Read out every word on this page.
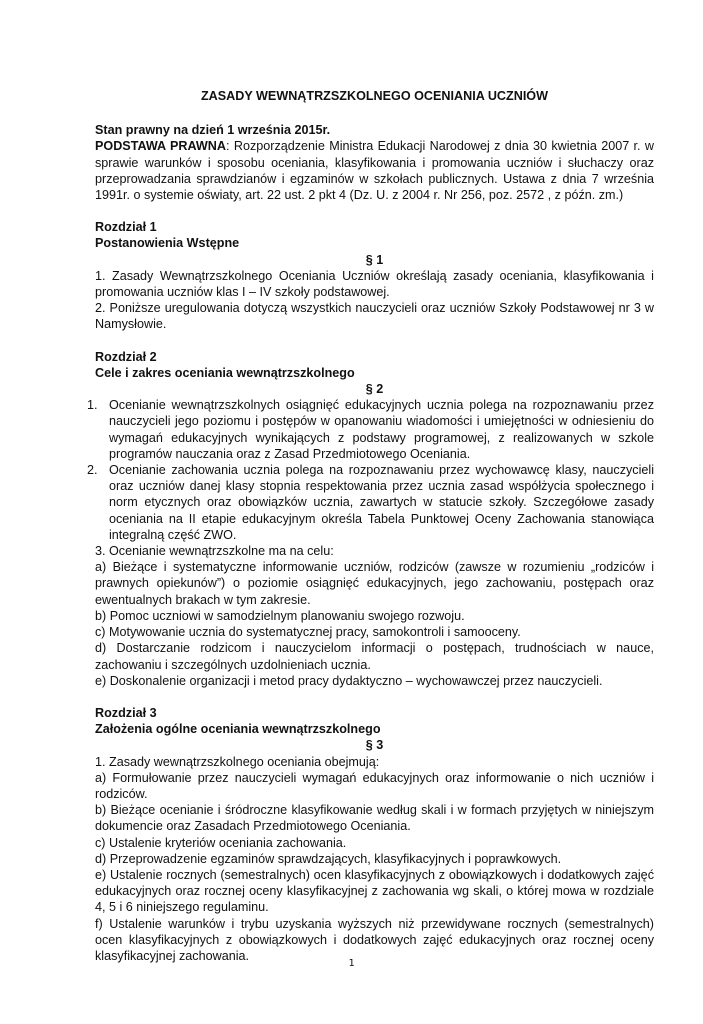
ZASADY WEWNĄTRZSZKOLNEGO OCENIANIA UCZNIÓW

Stan prawny na dzień 1 września 2015r.

PODSTAWA PRAWNA: Rozporządzenie Ministra Edukacji Narodowej z dnia 30 kwietnia 2007 r. w sprawie warunków i sposobu oceniania, klasyfikowania i promowania uczniów i słuchaczy oraz przeprowadzania sprawdzianów i egzaminów w szkołach publicznych. Ustawa z dnia 7 września 1991r. o systemie oświaty, art. 22 ust. 2 pkt 4 (Dz. U. z 2004 r. Nr 256, poz. 2572 , z późn. zm.)

Rozdział 1

Postanowienia Wstępne

§ 1

1. Zasady Wewnątrzszkolnego Oceniania Uczniów określają zasady oceniania, klasyfikowania i promowania uczniów klas I – IV szkoły podstawowej.

2. Poniższe uregulowania dotyczą wszystkich nauczycieli oraz uczniów Szkoły Podstawowej nr 3 w Namysłowie.

Rozdział 2

Cele i zakres oceniania wewnątrzszkolnego

§ 2

1. Ocenianie wewnątrzszkolnych osiągnięć edukacyjnych ucznia polega na rozpoznawaniu przez nauczycieli jego poziomu i postępów w opanowaniu wiadomości i umiejętności w odniesieniu do wymagań edukacyjnych wynikających z podstawy programowej, z realizowanych w szkole programów nauczania oraz z Zasad Przedmiotowego Oceniania.
2. Ocenianie zachowania ucznia polega na rozpoznawaniu przez wychowawcę klasy, nauczycieli oraz uczniów danej klasy stopnia respektowania przez ucznia zasad współżycia społecznego i norm etycznych oraz obowiązków ucznia, zawartych w statucie szkoły. Szczegółowe zasady oceniania na II etapie edukacyjnym określa Tabela Punktowej Oceny Zachowania stanowiąca integralną część ZWO.

3. Ocenianie wewnątrzszkolne ma na celu:

a) Bieżące i systematyczne informowanie uczniów, rodziców (zawsze w rozumieniu „rodziców i prawnych opiekunów”) o poziomie osiągnięć edukacyjnych, jego zachowaniu, postępach oraz ewentualnych brakach w tym zakresie.

b) Pomoc uczniowi w samodzielnym planowaniu swojego rozwoju.

c) Motywowanie ucznia do systematycznej pracy, samokontroli i samooceny.

d) Dostarczanie rodzicom i nauczycielom informacji o postępach, trudnościach w nauce, zachowaniu i szczególnych uzdolnieniach ucznia.

e) Doskonalenie organizacji i metod pracy dydaktyczno – wychowawczej przez nauczycieli.

Rozdział 3

Założenia ogólne oceniania wewnątrzszkolnego

§ 3

1. Zasady wewnątrzszkolnego oceniania obejmują:

a) Formułowanie przez nauczycieli wymagań edukacyjnych oraz informowanie o nich uczniów i rodziców.

b) Bieżące ocenianie i śródroczne klasyfikowanie według skali i w formach przyjętych w niniejszym dokumencie oraz Zasadach Przedmiotowego Oceniania.

c) Ustalenie kryteriów oceniania zachowania.

d) Przeprowadzenie egzaminów sprawdzających, klasyfikacyjnych i poprawkowych.

e) Ustalenie rocznych (semestralnych) ocen klasyfikacyjnych z obowiązkowych i dodatkowych zajęć edukacyjnych oraz rocznej oceny klasyfikacyjnej z zachowania wg skali, o której mowa w rozdziale 4, 5 i 6 niniejszego regulaminu.

f) Ustalenie warunków i trybu uzyskania wyższych niż przewidywane rocznych (semestralnych) ocen klasyfikacyjnych z obowiązkowych i dodatkowych zajęć edukacyjnych oraz rocznej oceny klasyfikacyjnej zachowania.

1
